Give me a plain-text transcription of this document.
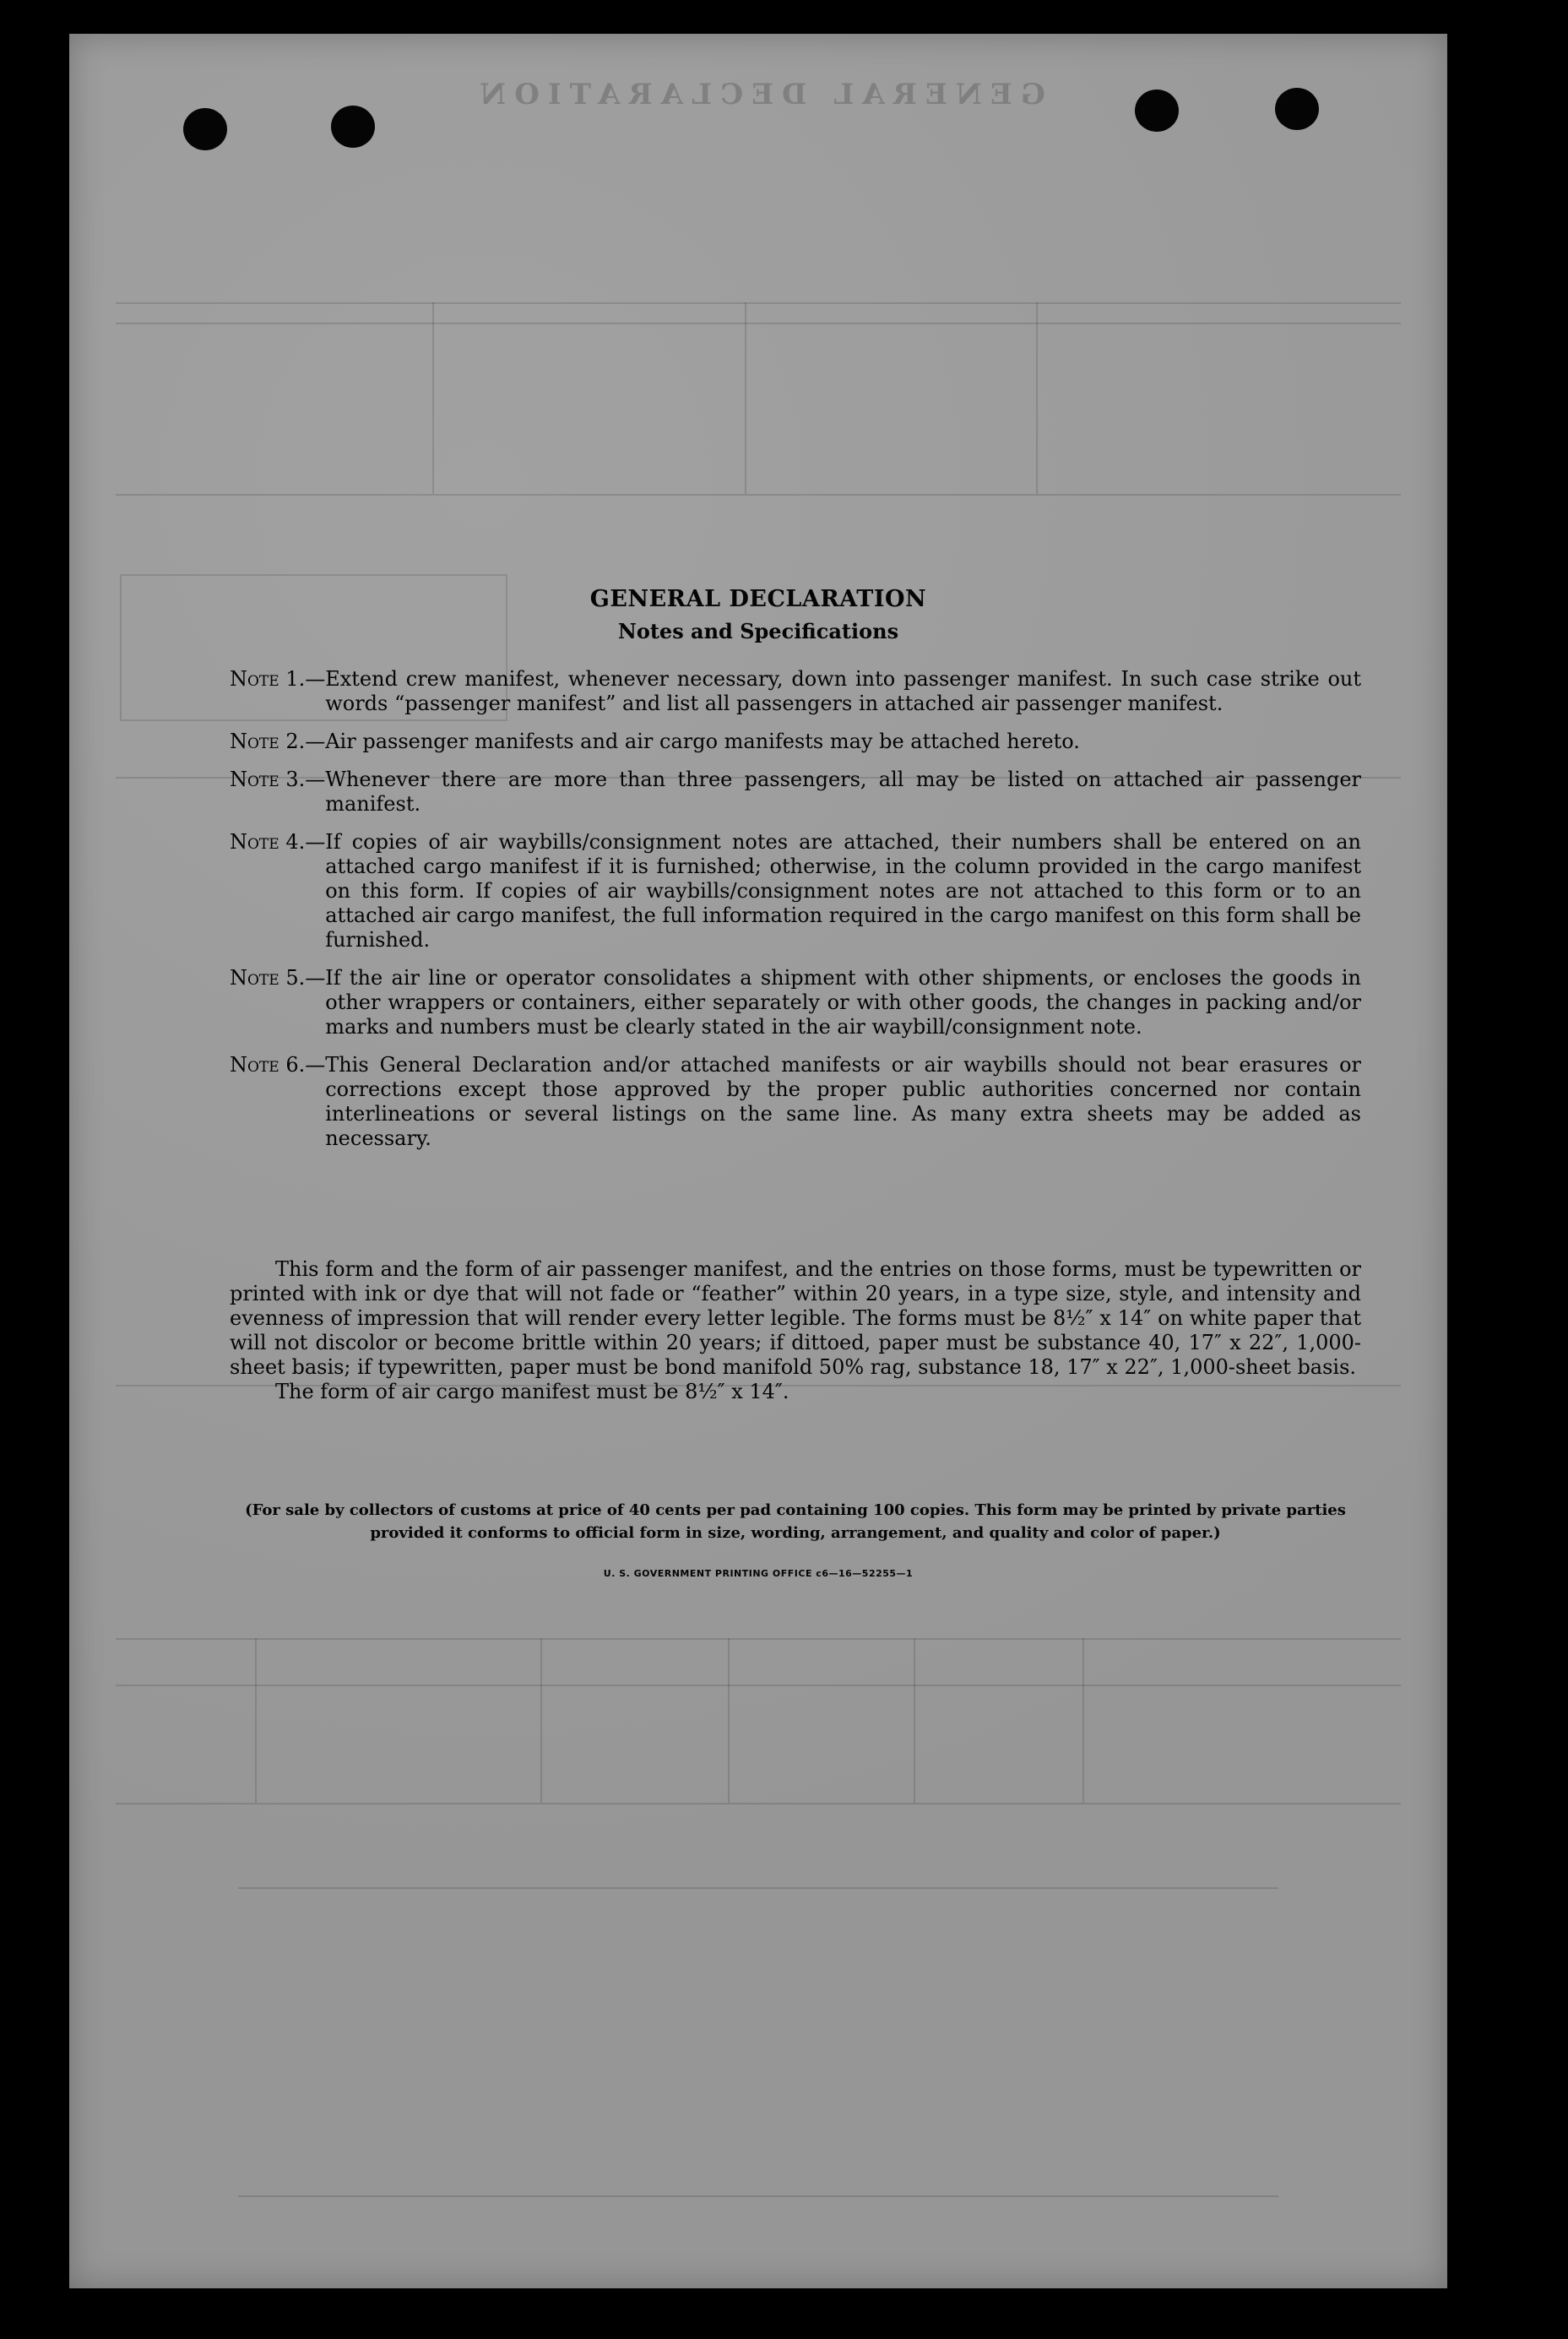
GENERAL DECLARATION
GENERAL DECLARATION
Notes and Specifications
Note 1.— Extend crew manifest, whenever necessary, down into passenger manifest. In such case strike out words “passenger manifest” and list all passengers in attached air passenger manifest.
Note 2.— Air passenger manifests and air cargo manifests may be attached hereto.
Note 3.— Whenever there are more than three passengers, all may be listed on attached air passenger manifest.
Note 4.— If copies of air waybills/consignment notes are attached, their numbers shall be entered on an attached cargo manifest if it is furnished; otherwise, in the column provided in the cargo manifest on this form. If copies of air waybills/consignment notes are not attached to this form or to an attached air cargo manifest, the full information required in the cargo manifest on this form shall be furnished.
Note 5.— If the air line or operator consolidates a shipment with other shipments, or encloses the goods in other wrappers or containers, either separately or with other goods, the changes in packing and/or marks and numbers must be clearly stated in the air waybill/consignment note.
Note 6.— This General Declaration and/or attached manifests or air waybills should not bear erasures or corrections except those approved by the proper public authorities concerned nor contain interlineations or several listings on the same line. As many extra sheets may be added as necessary.
This form and the form of air passenger manifest, and the entries on those forms, must be typewritten or printed with ink or dye that will not fade or “feather” within 20 years, in a type size, style, and intensity and evenness of impression that will render every letter legible. The forms must be 8½″ x 14″ on white paper that will not discolor or become brittle within 20 years; if dittoed, paper must be substance 40, 17″ x 22″, 1,000-sheet basis; if typewritten, paper must be bond manifold 50% rag, substance 18, 17″ x 22″, 1,000-sheet basis.
The form of air cargo manifest must be 8½″ x 14″.
(For sale by collectors of customs at price of 40 cents per pad containing 100 copies. This form may be printed by private parties provided it conforms to official form in size, wording, arrangement, and quality and color of paper.)
U. S. GOVERNMENT PRINTING OFFICE c6—16—52255—1
